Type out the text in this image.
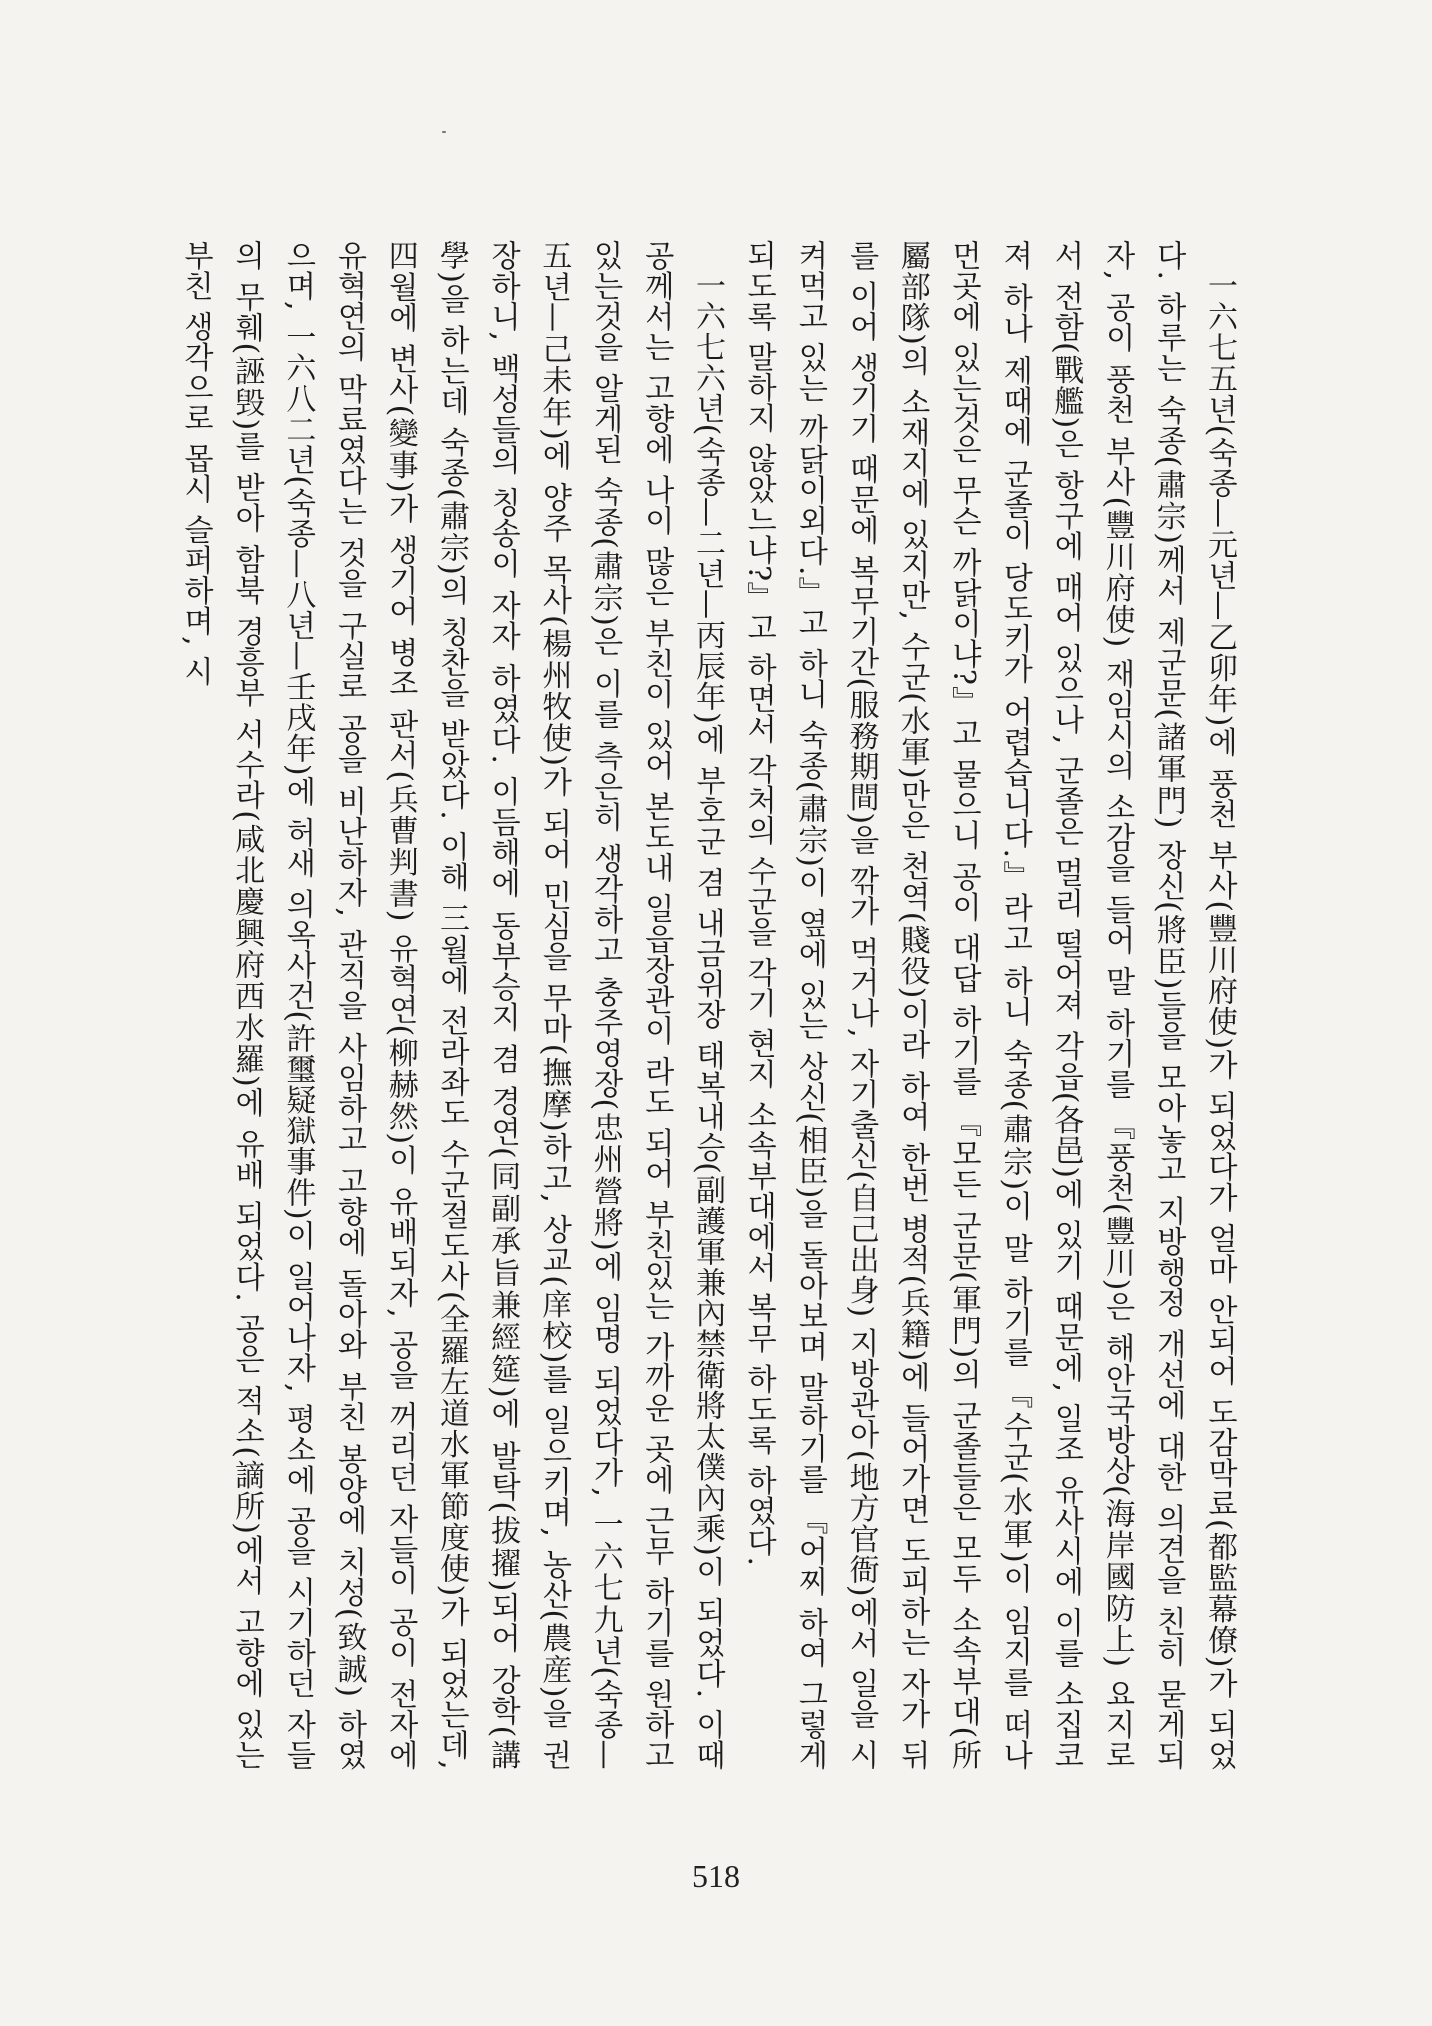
一六七五년(숙종—元년—乙卯年)에 풍천 부사(豐川府使)가 되었다가 얼마 안되어 도감막료(都監幕僚)가 되었다. 하루는 숙종(肅宗)께서 제군문(諸軍門) 장신(將臣)들을 모아놓고 지방행정 개선에 대한 의견을 친히 묻게되자, 공이 풍천 부사(豐川府使) 재임시의 소감을 들어 말 하기를 『풍천(豐川)은 해안국방상(海岸國防上) 요지로서 전함(戰艦)은 항구에 매어 있으나, 군졸은 멀리 떨어져 각읍(各邑)에 있기 때문에, 일조 유사시에 이를 소집코져 하나 제때에 군졸이 당도키가 어렵습니다.』라고 하니 숙종(肅宗)이 말 하기를 『수군(水軍)이 임지를 떠나 먼곳에 있는것은 무슨 까닭이냐?』고 물으니 공이 대답 하기를 『모든 군문(軍門)의 군졸들은 모두 소속부대(所屬部隊)의 소재지에 있지만, 수군(水軍)만은 천역(賤役)이라 하여 한번 병적(兵籍)에 들어가면 도피하는 자가 뒤를 이어 생기기 때문에 복무기간(服務期間)을 깎가 먹거나, 자기출신(自己出身) 지방관아(地方官衙)에서 일을 시켜먹고 있는 까닭이외다.』고 하니 숙종(肅宗)이 옆에 있는 상신(相臣)을 돌아보며 말하기를 『어찌 하여 그렇게 되도록 말하지 않았느냐?』고 하면서 각처의 수군을 각기 현지 소속부대에서 복무 하도록 하였다.

一六七六년(숙종—二년—丙辰年)에 부호군 겸 내금위장 태복내승(副護軍兼內禁衛將太僕內乘)이 되었다. 이때 공께서는 고향에 나이 많은 부친이 있어 본도내 일읍장관이 라도 되어 부친있는 가까운 곳에 근무 하기를 원하고 있는것을 알게된 숙종(肅宗)은 이를 측은히 생각하고 충주영장(忠州營將)에 임명 되었다가, 一六七九년(숙종—五년—己未年)에 양주 목사(楊州牧使)가 되어 민심을 무마(撫摩)하고, 상교(庠校)를 일으키며, 농산(農産)을 권장하니, 백성들의 칭송이 자자 하였다. 이듬해에 동부승지 겸 경연(同副承旨兼經筵)에 발탁(拔擢)되어 강학(講學)을 하는데 숙종(肅宗)의 칭찬을 받았다. 이해 三월에 전라좌도 수군절도사(全羅左道水軍節度使)가 되었는데, 四월에 변사(變事)가 생기어 병조 판서(兵曹判書) 유혁연(柳赫然)이 유배되자, 공을 꺼리던 자들이 공이 전자에 유혁연의 막료였다는 것을 구실로 공을 비난하자, 관직을 사임하고 고향에 돌아와 부친 봉양에 치성(致誠) 하였으며, 一六八二년(숙종—八년—壬戌年)에 허새 의옥사건(許璽疑獄事件)이 일어나자, 평소에 공을 시기하던 자들의 무훼(誣毁)를 받아 함북 경흥부 서수라(咸北慶興府西水羅)에 유배 되었다. 공은 적소(謫所)에서 고향에 있는 부친 생각으로 몹시 슬퍼하며, 시

518
